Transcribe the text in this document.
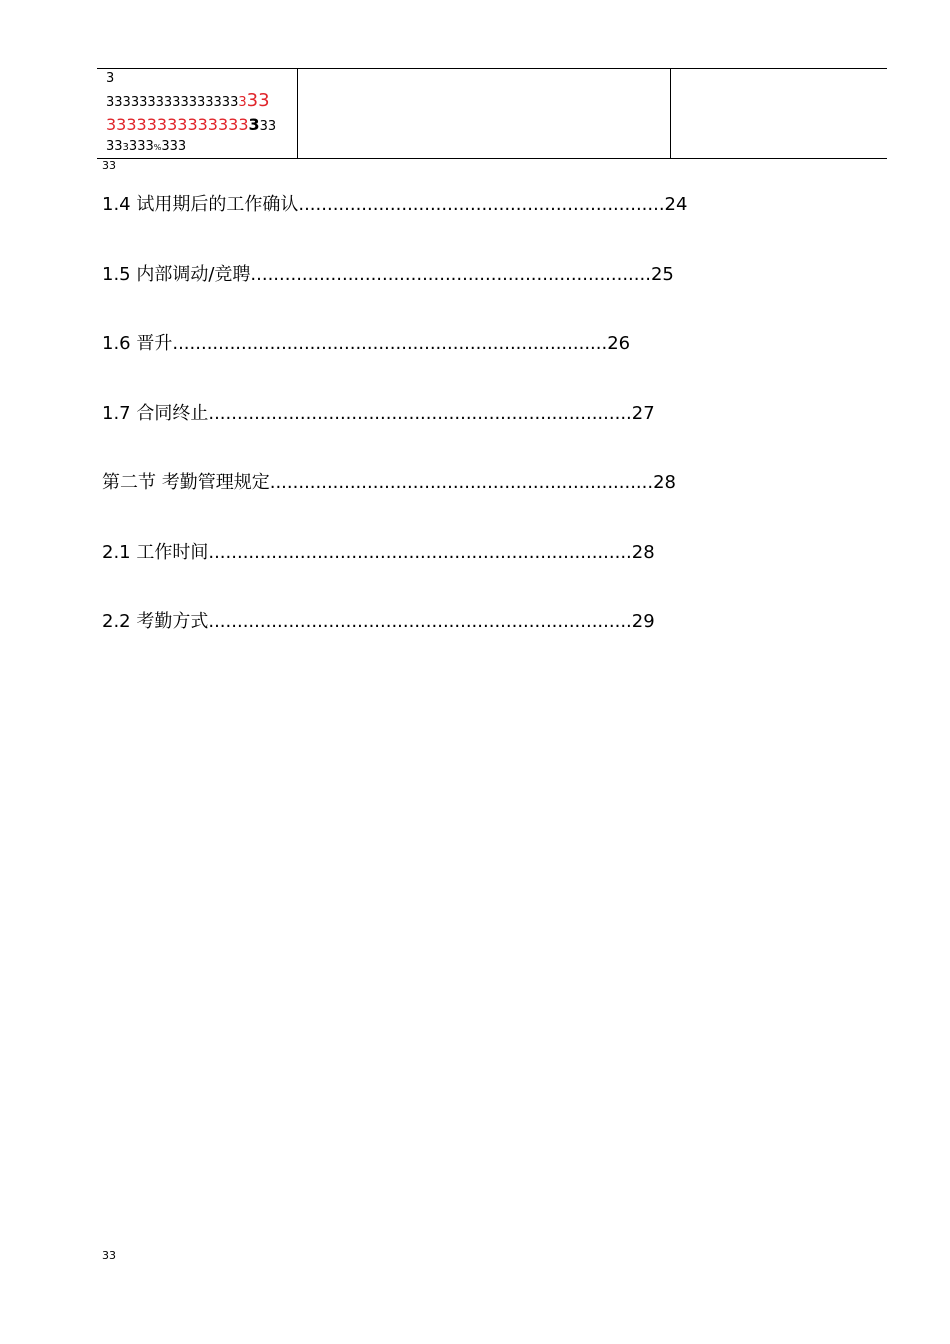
3
3333333333333333333
33333333333333333
333333%333
33
1.4 试用期后的工作确认................................................................24
1.5 内部调动/竞聘......................................................................25
1.6 晋升............................................................................26
1.7 合同终止..........................................................................27
第二节 考勤管理规定...................................................................28
2.1 工作时间..........................................................................28
2.2 考勤方式..........................................................................29
33
